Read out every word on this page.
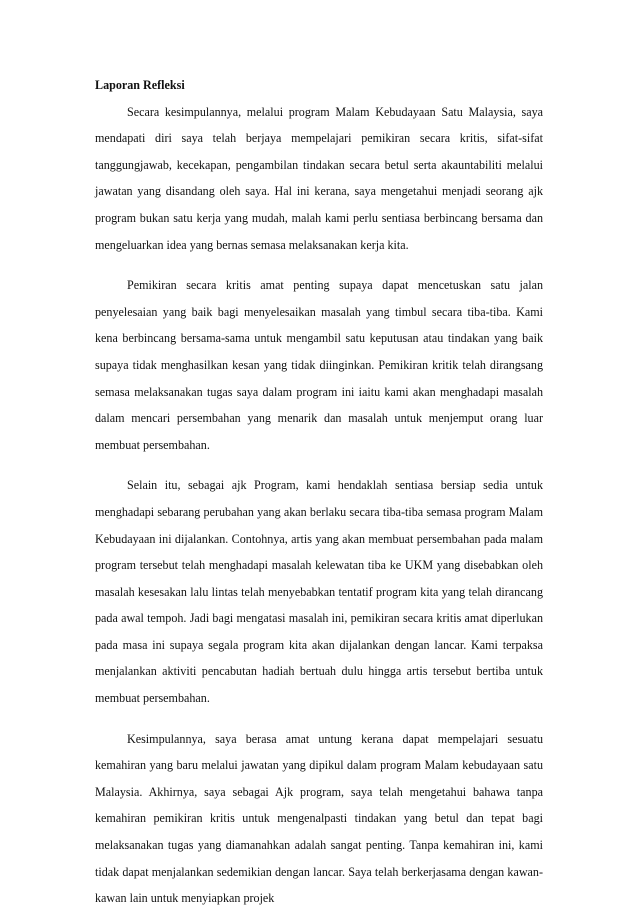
Laporan Refleksi

Secara kesimpulannya, melalui program Malam Kebudayaan Satu Malaysia, saya mendapati diri saya telah berjaya mempelajari pemikiran secara kritis, sifat-sifat tanggungjawab, kecekapan, pengambilan tindakan secara betul serta akauntabiliti melalui jawatan yang disandang oleh saya. Hal ini kerana, saya mengetahui menjadi seorang ajk program bukan satu kerja yang mudah, malah kami perlu sentiasa berbincang bersama dan mengeluarkan idea yang bernas semasa melaksanakan kerja kita.

Pemikiran secara kritis amat penting supaya dapat mencetuskan satu jalan penyelesaian yang baik bagi menyelesaikan masalah yang timbul secara tiba-tiba. Kami kena berbincang bersama-sama untuk mengambil satu keputusan atau tindakan yang baik supaya tidak menghasilkan kesan yang tidak diinginkan. Pemikiran kritik telah dirangsang semasa melaksanakan tugas saya dalam program ini iaitu kami akan menghadapi masalah dalam mencari persembahan yang menarik dan masalah untuk menjemput orang luar membuat persembahan.

Selain itu, sebagai ajk Program, kami hendaklah sentiasa bersiap sedia untuk menghadapi sebarang perubahan yang akan berlaku secara tiba-tiba semasa program Malam Kebudayaan ini dijalankan. Contohnya, artis yang akan membuat persembahan pada malam program tersebut telah menghadapi masalah kelewatan tiba ke UKM yang disebabkan oleh masalah kesesakan lalu lintas telah menyebabkan tentatif program kita yang telah dirancang pada awal tempoh. Jadi bagi mengatasi masalah ini, pemikiran secara kritis amat diperlukan pada masa ini supaya segala program kita akan dijalankan dengan lancar. Kami terpaksa menjalankan aktiviti pencabutan hadiah bertuah dulu hingga artis tersebut bertiba untuk membuat persembahan.

Kesimpulannya, saya berasa amat untung kerana dapat mempelajari sesuatu kemahiran yang baru melalui jawatan yang dipikul dalam program Malam kebudayaan satu Malaysia. Akhirnya, saya sebagai Ajk program, saya telah mengetahui bahawa tanpa kemahiran pemikiran kritis untuk mengenalpasti tindakan yang betul dan tepat bagi melaksanakan tugas yang diamanahkan adalah sangat penting. Tanpa kemahiran ini, kami tidak dapat menjalankan sedemikian dengan lancar. Saya telah berkerjasama dengan kawan-kawan lain untuk menyiapkan projek
